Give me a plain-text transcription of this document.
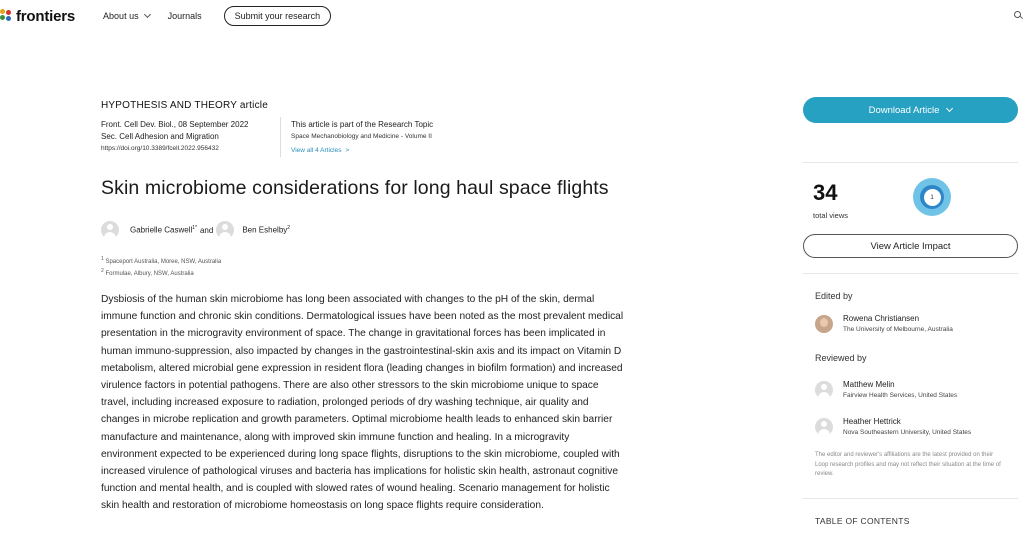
frontiers	About us	Journals	Submit your research
HYPOTHESIS AND THEORY article
Front. Cell Dev. Biol., 08 September 2022
Sec. Cell Adhesion and Migration
https://doi.org/10.3389/fcell.2022.956432
This article is part of the Research Topic
Space Mechanobiology and Medicine - Volume II
View all 4 Articles >
Skin microbiome considerations for long haul space flights
Gabrielle Caswell$^{1*}$ and	Ben Eshelby$^2$
$^1$ Spaceport Australia, Moree, NSW, Australia
$^2$ Formulae, Albury, NSW, Australia

Dysbiosis of the human skin microbiome has long been associated with changes to the pH of the skin, dermal immune function and chronic skin conditions. Dermatological issues have been noted as the most prevalent medical presentation in the microgravity environment of space. The change in gravitational forces has been implicated in human immuno-suppression, also impacted by changes in the gastrointestinal-skin axis and its impact on Vitamin D metabolism, altered microbial gene expression in resident flora (leading changes in biofilm formation) and increased virulence factors in potential pathogens. There are also other stressors to the skin microbiome unique to space travel, including increased exposure to radiation, prolonged periods of dry washing technique, air quality and changes in microbe replication and growth parameters. Optimal microbiome health leads to enhanced skin barrier manufacture and maintenance, along with improved skin immune function and healing. In a microgravity environment expected to be experienced during long space flights, disruptions to the skin microbiome, coupled with increased virulence of pathological viruses and bacteria has implications for holistic skin health, astronaut cognitive function and mental health, and is coupled with slowed rates of wound healing. Scenario management for holistic skin health and restoration of microbiome homeostasis on long space flights require consideration.

Download Article
34
total views
1
View Article Impact
Edited by
Rowena Christiansen
The University of Melbourne, Australia
Reviewed by
Matthew Melin
Fairview Health Services, United States
Heather Hettrick
Nova Southeastern University, United States
The editor and reviewer's affiliations are the latest provided on their Loop research profiles and may not reflect their situation at the time of review.
TABLE OF CONTENTS
